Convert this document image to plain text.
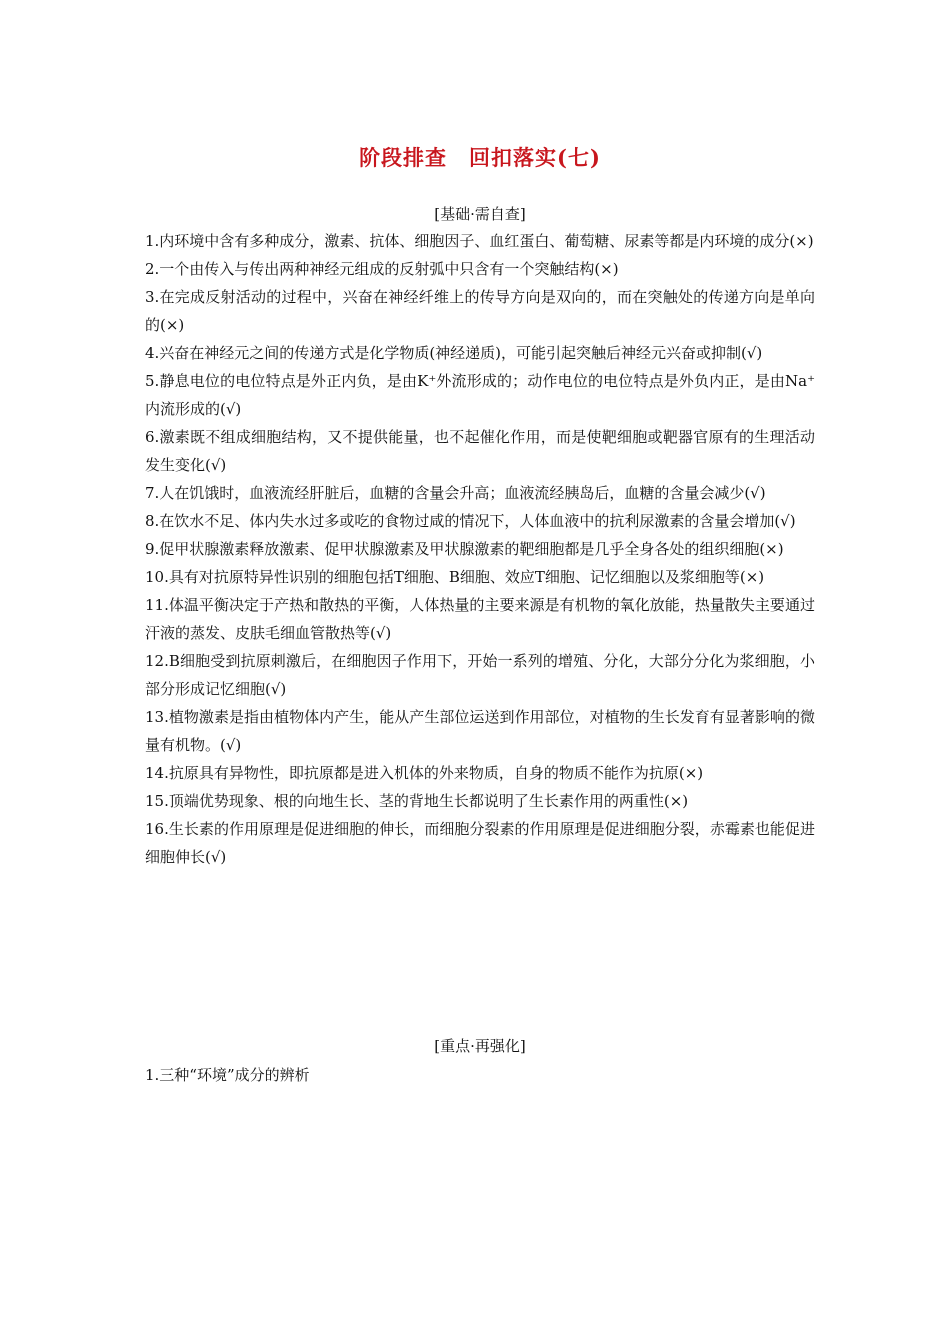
阶段排查　回扣落实(七)
[基础·需自查]
1.内环境中含有多种成分，激素、抗体、细胞因子、血红蛋白、葡萄糖、尿素等都是内环境的成分(×)
2.一个由传入与传出两种神经元组成的反射弧中只含有一个突触结构(×)
3.在完成反射活动的过程中，兴奋在神经纤维上的传导方向是双向的，而在突触处的传递方向是单向的(×)
4.兴奋在神经元之间的传递方式是化学物质(神经递质)，可能引起突触后神经元兴奋或抑制(√)
5.静息电位的电位特点是外正内负，是由K⁺外流形成的；动作电位的电位特点是外负内正，是由Na⁺内流形成的(√)
6.激素既不组成细胞结构，又不提供能量，也不起催化作用，而是使靶细胞或靶器官原有的生理活动发生变化(√)
7.人在饥饿时，血液流经肝脏后，血糖的含量会升高；血液流经胰岛后，血糖的含量会减少(√)
8.在饮水不足、体内失水过多或吃的食物过咸的情况下，人体血液中的抗利尿激素的含量会增加(√)
9.促甲状腺激素释放激素、促甲状腺激素及甲状腺激素的靶细胞都是几乎全身各处的组织细胞(×)
10.具有对抗原特异性识别的细胞包括T细胞、B细胞、效应T细胞、记忆细胞以及浆细胞等(×)
11.体温平衡决定于产热和散热的平衡，人体热量的主要来源是有机物的氧化放能，热量散失主要通过汗液的蒸发、皮肤毛细血管散热等(√)
12.B细胞受到抗原刺激后，在细胞因子作用下，开始一系列的增殖、分化，大部分分化为浆细胞，小部分形成记忆细胞(√)
13.植物激素是指由植物体内产生，能从产生部位运送到作用部位，对植物的生长发育有显著影响的微量有机物。(√)
14.抗原具有异物性，即抗原都是进入机体的外来物质，自身的物质不能作为抗原(×)
15.顶端优势现象、根的向地生长、茎的背地生长都说明了生长素作用的两重性(×)
16.生长素的作用原理是促进细胞的伸长，而细胞分裂素的作用原理是促进细胞分裂，赤霉素也能促进细胞伸长(√)
[重点·再强化]
1.三种“环境”成分的辨析
